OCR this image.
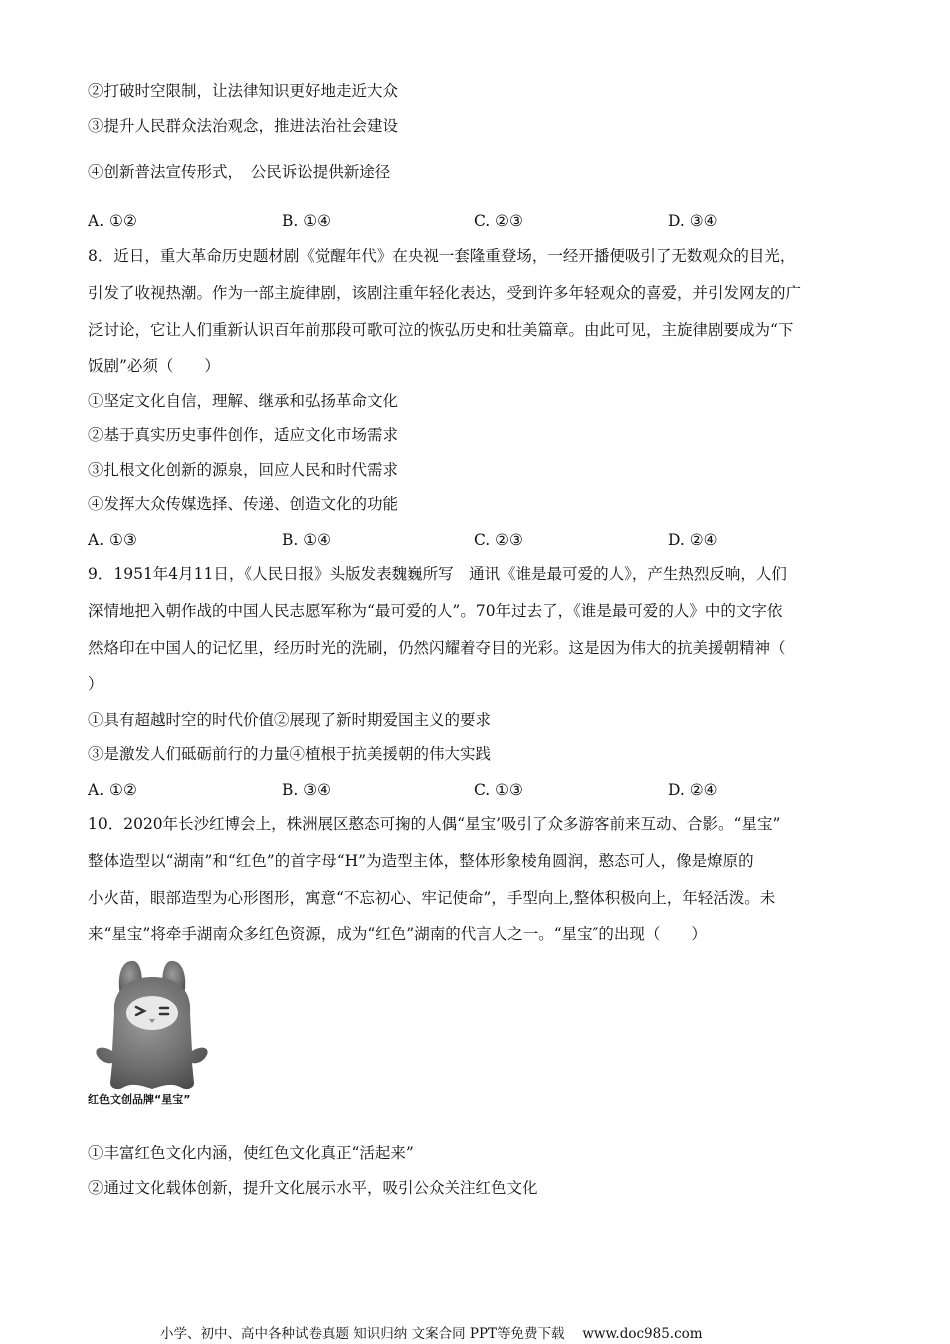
②打破时空限制，让法律知识更好地走近大众
③提升人民群众法治观念，推进法治社会建设
④创新普法宣传形式，　公民诉讼提供新途径
A. ①②	B. ①④	C. ②③	D. ③④
8．近日，重大革命历史题材剧《觉醒年代》在央视一套隆重登场，一经开播便吸引了无数观众的目光，
引发了收视热潮。作为一部主旋律剧，该剧注重年轻化表达，受到许多年轻观众的喜爱，并引发网友的广
泛讨论，它让人们重新认识百年前那段可歌可泣的恢弘历史和壮美篇章。由此可见，主旋律剧要成为“下
饭剧”必须（　　）
①坚定文化自信，理解、继承和弘扬革命文化
②基于真实历史事件创作，适应文化市场需求
③扎根文化创新的源泉，回应人民和时代需求
④发挥大众传媒选择、传递、创造文化的功能
A. ①③	B. ①④	C. ②③	D. ②④
9．1951年4月11日，《人民日报》头版发表魏巍所写　通讯《谁是最可爱的人》，产生热烈反响，人们
深情地把入朝作战的中国人民志愿军称为“最可爱的人”。70年过去了，《谁是最可爱的人》中的文字依
然烙印在中国人的记忆里，经历时光的洗刷，仍然闪耀着夺目的光彩。这是因为伟大的抗美援朝精神（
）
①具有超越时空的时代价值②展现了新时期爱国主义的要求
③是激发人们砥砺前行的力量④植根于抗美援朝的伟大实践
A. ①②	B. ③④	C. ①③	D. ②④
10．2020年长沙红博会上，株洲展区憨态可掬的人偶“星宝’吸引了众多游客前来互动、合影。“星宝”
整体造型以“湖南”和“红色”的首字母“H”为造型主体，整体形象棱角圆润，憨态可人，像是燎原的
小火苗，眼部造型为心形图形，寓意“不忘初心、牢记使命”，手型向上,整体积极向上，年轻活泼。未
来“星宝”将牵手湖南众多红色资源，成为“红色”湖南的代言人之一。“星宝″的出现（　　）
红色文创品牌“星宝”
①丰富红色文化内涵，使红色文化真正“活起来”
②通过文化载体创新，提升文化展示水平，吸引公众关注红色文化
小学、初中、高中各种试卷真题 知识归纳 文案合同 PPT等免费下载　 www.doc985.com
